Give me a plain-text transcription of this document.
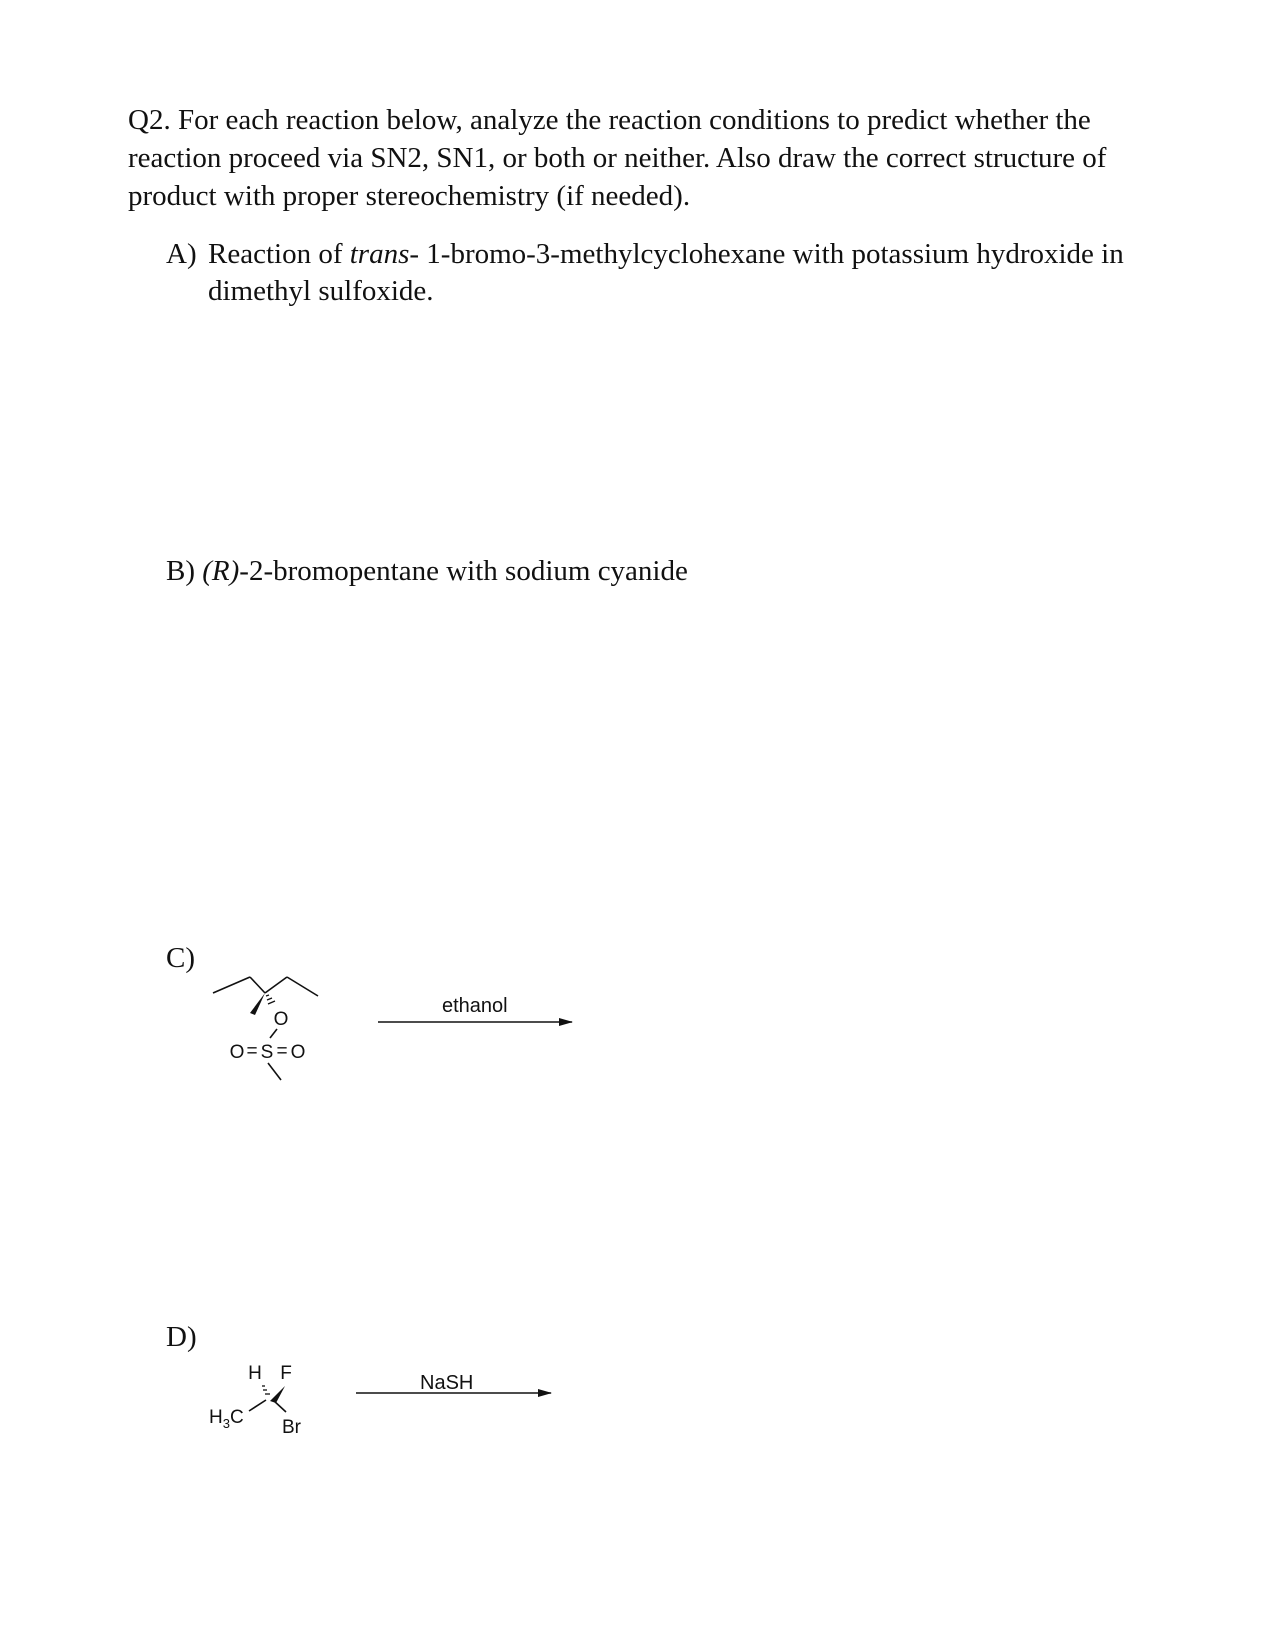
Q2. For each reaction below, analyze the reaction conditions to predict whether the reaction proceed via SN2, SN1, or both or neither. Also draw the correct structure of product with proper stereochemistry (if needed).
A) Reaction of trans- 1-bromo-3-methylcyclohexane with potassium hydroxide in
dimethyl sulfoxide.
B) (R)-2-bromopentane with sodium cyanide
C)
D)
ethanol
NaSH
O
O = S = O
H F
$H_3C$ Br
